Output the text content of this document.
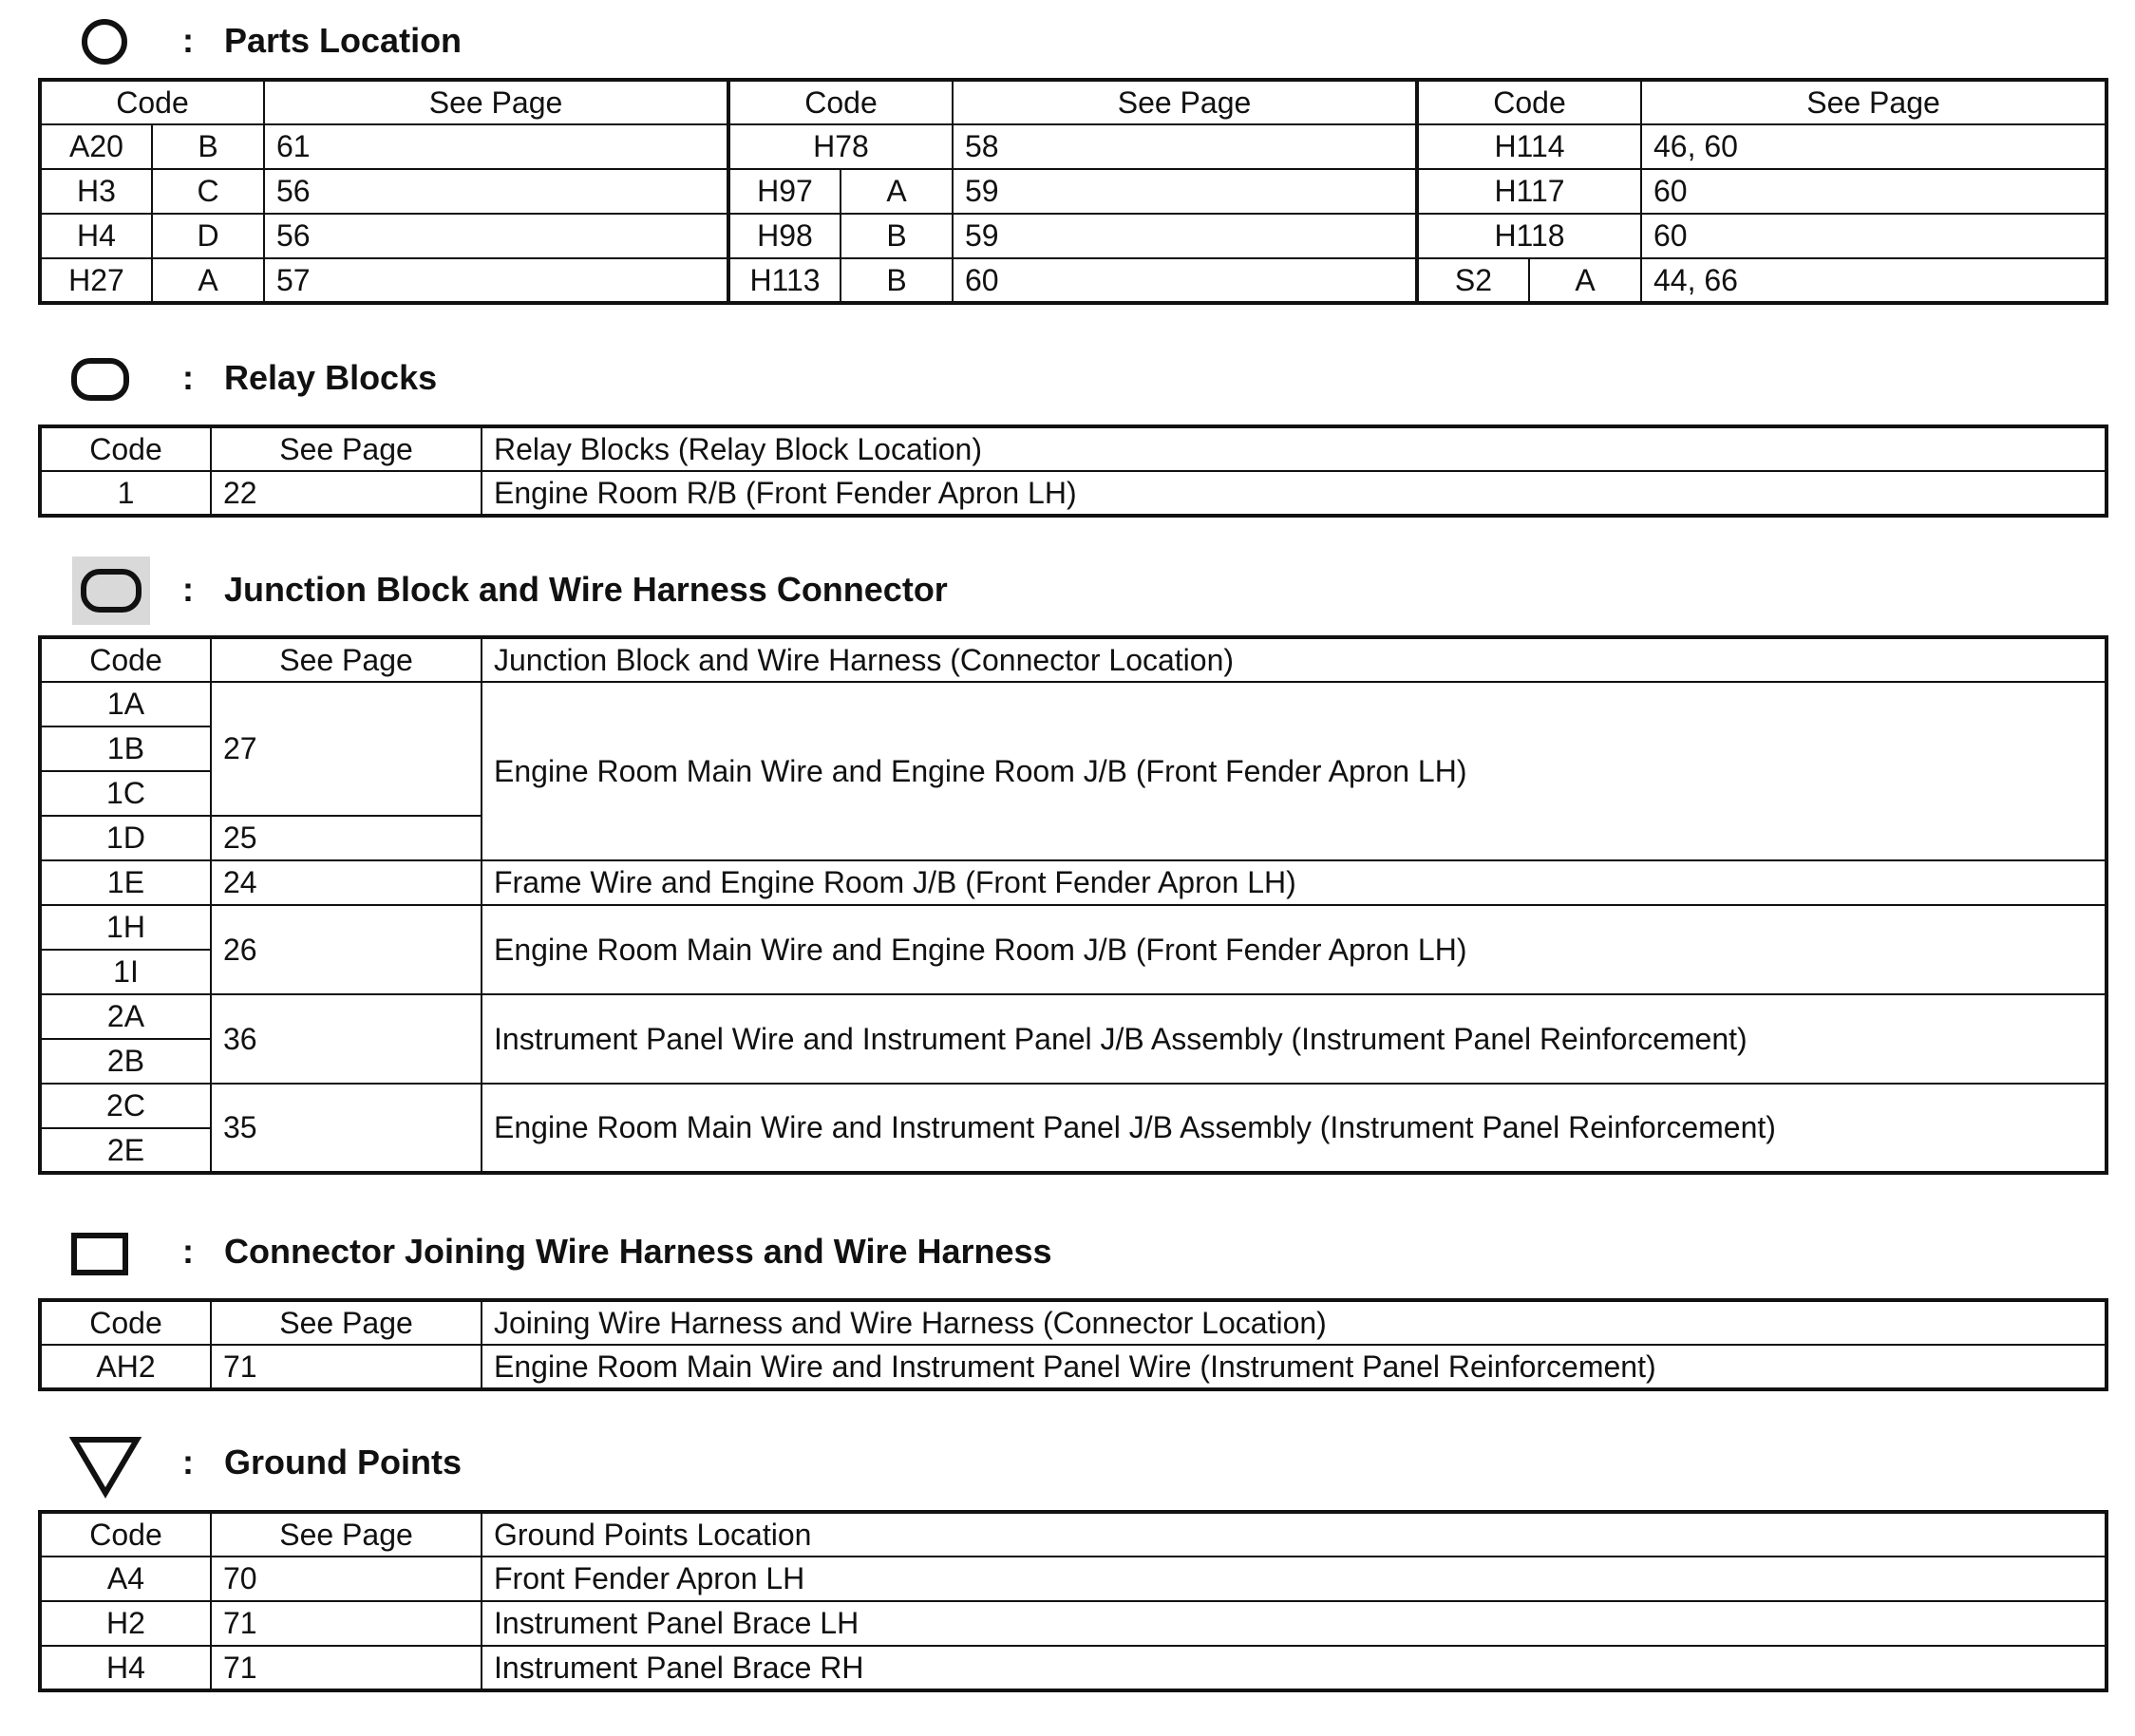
: Parts Location
Code		See Page	Code		See Page	Code		See Page
A20	B	61	H78		58	H114		46, 60
H3	C	56	H97	A	59	H117		60
H4	D	56	H98	B	59	H118		60
H27	A	57	H113	B	60	S2	A	44, 66
: Relay Blocks
Code	See Page	Relay Blocks (Relay Block Location)
1	22	Engine Room R/B (Front Fender Apron LH)
: Junction Block and Wire Harness Connector
Code	See Page	Junction Block and Wire Harness (Connector Location)
1A	27	Engine Room Main Wire and Engine Room J/B (Front Fender Apron LH)
1B		
1C		
1D	25	
1E	24	Frame Wire and Engine Room J/B (Front Fender Apron LH)
1H	26	Engine Room Main Wire and Engine Room J/B (Front Fender Apron LH)
1I		
2A	36	Instrument Panel Wire and Instrument Panel J/B Assembly (Instrument Panel Reinforcement)
2B		
2C	35	Engine Room Main Wire and Instrument Panel J/B Assembly (Instrument Panel Reinforcement)
2E		
: Connector Joining Wire Harness and Wire Harness
Code	See Page	Joining Wire Harness and Wire Harness (Connector Location)
AH2	71	Engine Room Main Wire and Instrument Panel Wire (Instrument Panel Reinforcement)
: Ground Points
Code	See Page	Ground Points Location
A4	70	Front Fender Apron LH
H2	71	Instrument Panel Brace LH
H4	71	Instrument Panel Brace RH
